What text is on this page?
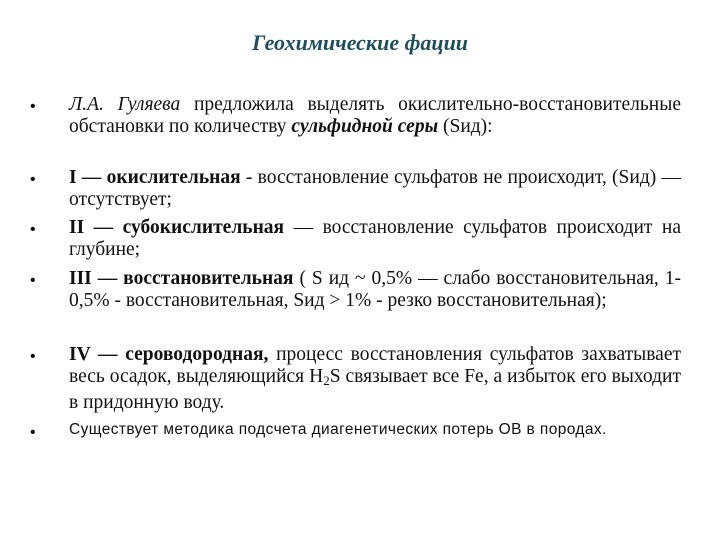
Геохимические фации
•
•
•
•
•
•
Л.А. Гуляева предложила выделять окислительно-восстановительные обстановки по количеству сульфидной серы (Sид):
I — окислительная - восстановление сульфатов не происходит, (Sид) — отсутствует;
II — субокислительная — восстановление сульфатов происходит на глубине;
III — восстановительная ( S ид ~ 0,5% — слабо восстановительная, 1-0,5% - восстановительная, Sид > 1% - резко восстановительная);
IV — сероводородная, процесс восстановления сульфатов захватывает весь осадок, выделяющийся $H_2S$ связывает все Fe, а избыток его выходит в придонную воду.
Существует методика подсчета диагенетических потерь ОВ в породах.
